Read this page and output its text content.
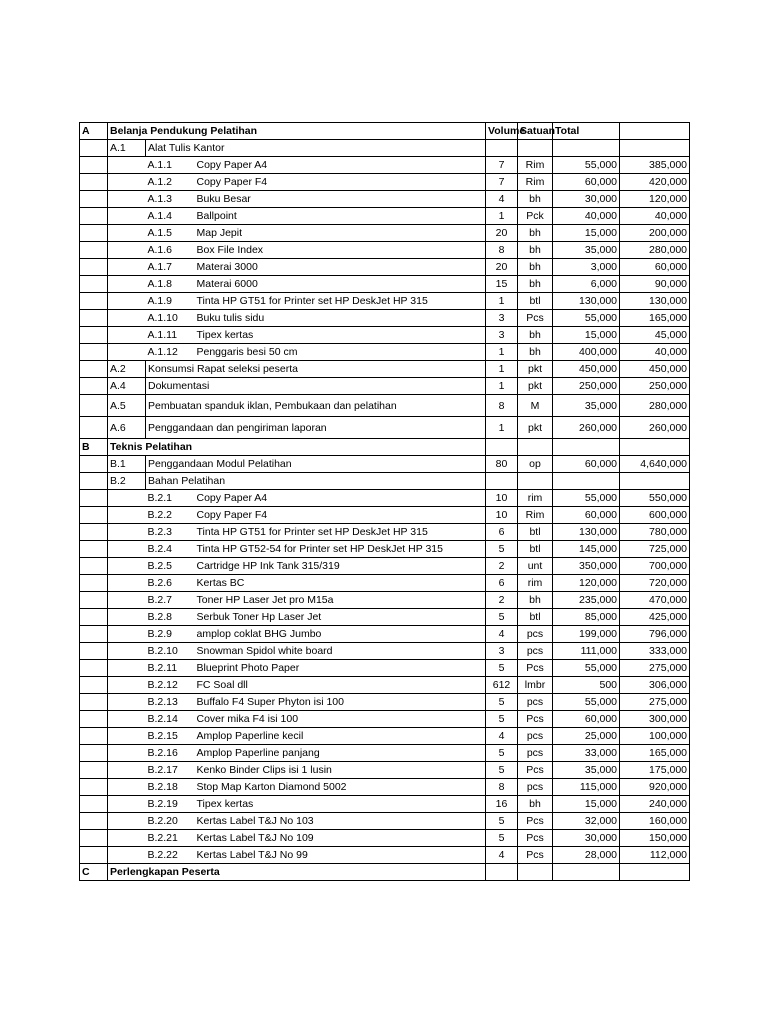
A	Belanja Pendukung Pelatihan			Volume	Satuan	Total	
	A.1	Alat Tulis Kantor					
		A.1.1	Copy Paper A4	7	Rim	55,000	385,000
		A.1.2	Copy Paper F4	7	Rim	60,000	420,000
		A.1.3	Buku Besar	4	bh	30,000	120,000
		A.1.4	Ballpoint	1	Pck	40,000	40,000
		A.1.5	Map Jepit	20	bh	15,000	200,000
		A.1.6	Box File Index	8	bh	35,000	280,000
		A.1.7	Materai 3000	20	bh	3,000	60,000
		A.1.8	Materai 6000	15	bh	6,000	90,000
		A.1.9	Tinta HP GT51 for Printer set HP DeskJet HP 315	1	btl	130,000	130,000
		A.1.10	Buku tulis sidu	3	Pcs	55,000	165,000
		A.1.11	Tipex kertas	3	bh	15,000	45,000
		A.1.12	Penggaris besi 50 cm	1	bh	400,000	40,000
	A.2	Konsumsi Rapat seleksi peserta		1	pkt	450,000	450,000
	A.4	Dokumentasi		1	pkt	250,000	250,000
	A.5	Pembuatan spanduk iklan, Pembukaan dan pelatihan		8	M	35,000	280,000
	A.6	Penggandaan dan pengiriman laporan		1	pkt	260,000	260,000
B	Teknis Pelatihan						
	B.1	Penggandaan Modul Pelatihan		80	op	60,000	4,640,000
	B.2	Bahan Pelatihan					
		B.2.1	Copy Paper A4	10	rim	55,000	550,000
		B.2.2	Copy Paper F4	10	Rim	60,000	600,000
		B.2.3	Tinta HP GT51 for Printer set HP DeskJet HP 315	6	btl	130,000	780,000
		B.2.4	Tinta HP GT52-54 for Printer set HP DeskJet HP 315	5	btl	145,000	725,000
		B.2.5	Cartridge HP Ink Tank 315/319	2	unt	350,000	700,000
		B.2.6	Kertas BC	6	rim	120,000	720,000
		B.2.7	Toner HP Laser Jet pro M15a	2	bh	235,000	470,000
		B.2.8	Serbuk Toner Hp Laser Jet	5	btl	85,000	425,000
		B.2.9	amplop coklat BHG Jumbo	4	pcs	199,000	796,000
		B.2.10	Snowman Spidol white board	3	pcs	111,000	333,000
		B.2.11	Blueprint Photo Paper	5	Pcs	55,000	275,000
		B.2.12	FC Soal dll	612	lmbr	500	306,000
		B.2.13	Buffalo F4 Super Phyton isi 100	5	pcs	55,000	275,000
		B.2.14	Cover mika F4 isi 100	5	Pcs	60,000	300,000
		B.2.15	Amplop Paperline kecil	4	pcs	25,000	100,000
		B.2.16	Amplop Paperline panjang	5	pcs	33,000	165,000
		B.2.17	Kenko Binder Clips isi 1 lusin	5	Pcs	35,000	175,000
		B.2.18	Stop Map Karton Diamond 5002	8	pcs	115,000	920,000
		B.2.19	Tipex kertas	16	bh	15,000	240,000
		B.2.20	Kertas Label T&J No 103	5	Pcs	32,000	160,000
		B.2.21	Kertas Label T&J No 109	5	Pcs	30,000	150,000
		B.2.22	Kertas Label T&J No 99	4	Pcs	28,000	112,000
C	Perlengkapan Peserta						
